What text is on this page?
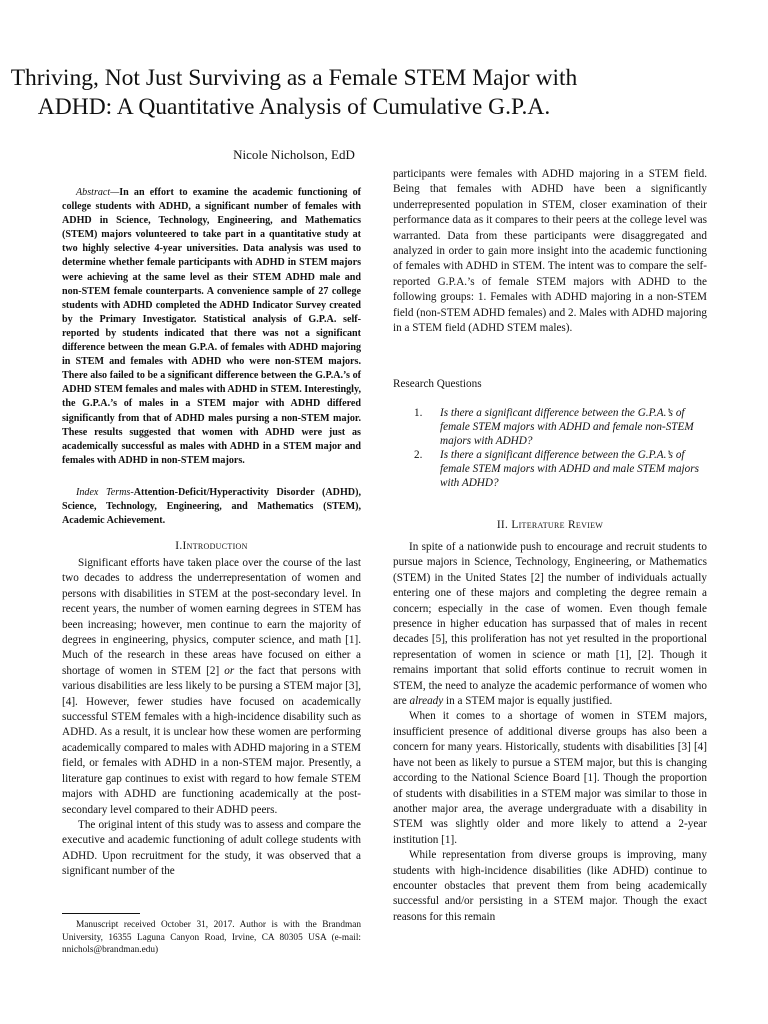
Thriving, Not Just Surviving as a Female STEM Major with ADHD: A Quantitative Analysis of Cumulative G.P.A.
Nicole Nicholson, EdD

Abstract—In an effort to examine the academic functioning of college students with ADHD, a significant number of females with ADHD in Science, Technology, Engineering, and Mathematics (STEM) majors volunteered to take part in a quantitative study at two highly selective 4-year universities. Data analysis was used to determine whether female participants with ADHD in STEM majors were achieving at the same level as their STEM ADHD male and non-STEM female counterparts. A convenience sample of 27 college students with ADHD completed the ADHD Indicator Survey created by the Primary Investigator. Statistical analysis of G.P.A. self-reported by students indicated that there was not a significant difference between the mean G.P.A. of females with ADHD majoring in STEM and females with ADHD who were non-STEM majors. There also failed to be a significant difference between the G.P.A.’s of ADHD STEM females and males with ADHD in STEM. Interestingly, the G.P.A.’s of males in a STEM major with ADHD differed significantly from that of ADHD males pursing a non-STEM major. These results suggested that women with ADHD were just as academically successful as males with ADHD in a STEM major and females with ADHD in non-STEM majors.

Index Terms-Attention-Deficit/Hyperactivity Disorder (ADHD), Science, Technology, Engineering, and Mathematics (STEM), Academic Achievement.

I.Introduction

Significant efforts have taken place over the course of the last two decades to address the underrepresentation of women and persons with disabilities in STEM at the post-secondary level. In recent years, the number of women earning degrees in STEM has been increasing; however, men continue to earn the majority of degrees in engineering, physics, computer science, and math [1]. Much of the research in these areas have focused on either a shortage of women in STEM [2] or the fact that persons with various disabilities are less likely to be pursing a STEM major [3], [4]. However, fewer studies have focused on academically successful STEM females with a high-incidence disability such as ADHD. As a result, it is unclear how these women are performing academically compared to males with ADHD majoring in a STEM field, or females with ADHD in a non-STEM major. Presently, a literature gap continues to exist with regard to how female STEM majors with ADHD are functioning academically at the post-secondary level compared to their ADHD peers.

The original intent of this study was to assess and compare the executive and academic functioning of adult college students with ADHD. Upon recruitment for the study, it was observed that a significant number of the

Manuscript received October 31, 2017. Author is with the Brandman University, 16355 Laguna Canyon Road, Irvine, CA 80305 USA (e-mail: nnichols@brandman.edu)

participants were females with ADHD majoring in a STEM field. Being that females with ADHD have been a significantly underrepresented population in STEM, closer examination of their performance data as it compares to their peers at the college level was warranted. Data from these participants were disaggregated and analyzed in order to gain more insight into the academic functioning of females with ADHD in STEM. The intent was to compare the self-reported G.P.A.’s of female STEM majors with ADHD to the following groups: 1. Females with ADHD majoring in a non-STEM field (non-STEM ADHD females) and 2. Males with ADHD majoring in a STEM field (ADHD STEM males).

Research Questions
1. Is there a significant difference between the G.P.A.’s of female STEM majors with ADHD and female non-STEM majors with ADHD?
2. Is there a significant difference between the G.P.A.’s of female STEM majors with ADHD and male STEM majors with ADHD?
II. Literature Review

In spite of a nationwide push to encourage and recruit students to pursue majors in Science, Technology, Engineering, or Mathematics (STEM) in the United States [2] the number of individuals actually entering one of these majors and completing the degree remain a concern; especially in the case of women. Even though female presence in higher education has surpassed that of males in recent decades [5], this proliferation has not yet resulted in the proportional representation of women in science or math [1], [2]. Though it remains important that solid efforts continue to recruit women in STEM, the need to analyze the academic performance of women who are already in a STEM major is equally justified.

When it comes to a shortage of women in STEM majors, insufficient presence of additional diverse groups has also been a concern for many years. Historically, students with disabilities [3] [4] have not been as likely to pursue a STEM major, but this is changing according to the National Science Board [1]. Though the proportion of students with disabilities in a STEM major was similar to those in another major area, the average undergraduate with a disability in STEM was slightly older and more likely to attend a 2-year institution [1].

While representation from diverse groups is improving, many students with high-incidence disabilities (like ADHD) continue to encounter obstacles that prevent them from being academically successful and/or persisting in a STEM major. Though the exact reasons for this remain
